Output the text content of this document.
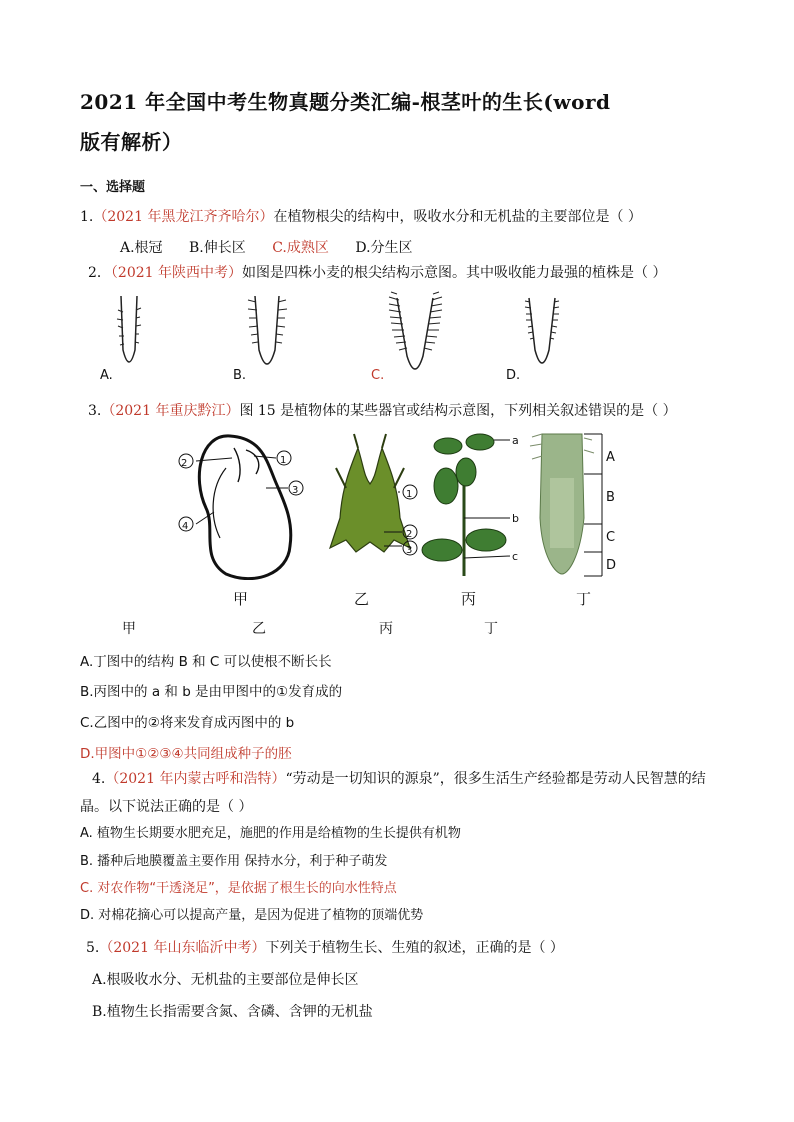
2021 年全国中考生物真题分类汇编-根茎叶的生长(word
版有解析）
一、选择题
1.（2021 年黑龙江齐齐哈尔）在植物根尖的结构中，吸收水分和无机盐的主要部位是（ ）
A.根冠 B.伸长区 C.成熟区 D.分生区
2．（2021 年陕西中考）如图是四株小麦的根尖结构示意图。其中吸收能力最强的植株是（ ）
A.	B.	C.	D.
3.（2021 年重庆黔江）图 15 是植物体的某些器官或结构示意图，下列相关叙述错误的是（ ）
2	1
3
4
1
2
3
a
b
c
A
B
C
D
甲	乙	丙	丁
甲	乙	丙	丁
A.丁图中的结构 B 和 C 可以使根不断长长
B.丙图中的 a 和 b 是由甲图中的①发育成的
C.乙图中的②将来发育成丙图中的 b
D.甲图中①②③④共同组成种子的胚
4.（2021 年内蒙古呼和浩特）“劳动是一切知识的源泉”，很多生活生产经验都是劳动人民智慧的结
晶。以下说法正确的是（ ）
A. 植物生长期要水肥充足，施肥的作用是给植物的生长提供有机物
B. 播种后地膜覆盖主要作用 保持水分，利于种子萌发
C. 对农作物“干透浇足”，是依据了根生长的向水性特点
D. 对棉花摘心可以提高产量，是因为促进了植物的顶端优势
5.（2021 年山东临沂中考）下列关于植物生长、生殖的叙述，正确的是（ ）
A.根吸收水分、无机盐的主要部位是伸长区
B.植物生长指需要含氮、含磷、含钾的无机盐
